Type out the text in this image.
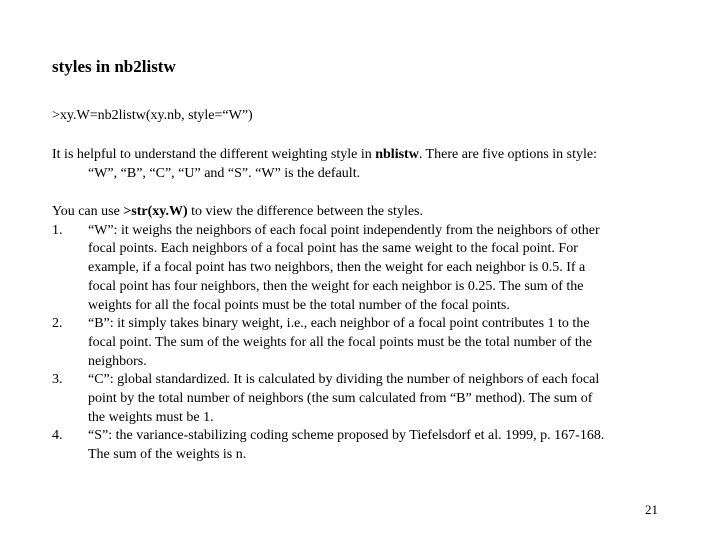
styles in nb2listw
>xy.W=nb2listw(xy.nb, style=“W”)
It is helpful to understand the different weighting style in nblistw. There are five options in style:
“W”, “B”, “C”, “U” and “S”. “W” is the default.
You can use >str(xy.W) to view the difference between the styles.
1. “W”: it weighs the neighbors of each focal point independently from the neighbors of other
focal points. Each neighbors of a focal point has the same weight to the focal point. For
example, if a focal point has two neighbors, then the weight for each neighbor is 0.5. If a
focal point has four neighbors, then the weight for each neighbor is 0.25. The sum of the
weights for all the focal points must be the total number of the focal points.
2. “B”: it simply takes binary weight, i.e., each neighbor of a focal point contributes 1 to the
focal point. The sum of the weights for all the focal points must be the total number of the
neighbors.
3. “C”: global standardized. It is calculated by dividing the number of neighbors of each focal
point by the total number of neighbors (the sum calculated from “B” method). The sum of
the weights must be 1.
4. “S”: the variance-stabilizing coding scheme proposed by Tiefelsdorf et al. 1999, p. 167-168.
The sum of the weights is n.
21
